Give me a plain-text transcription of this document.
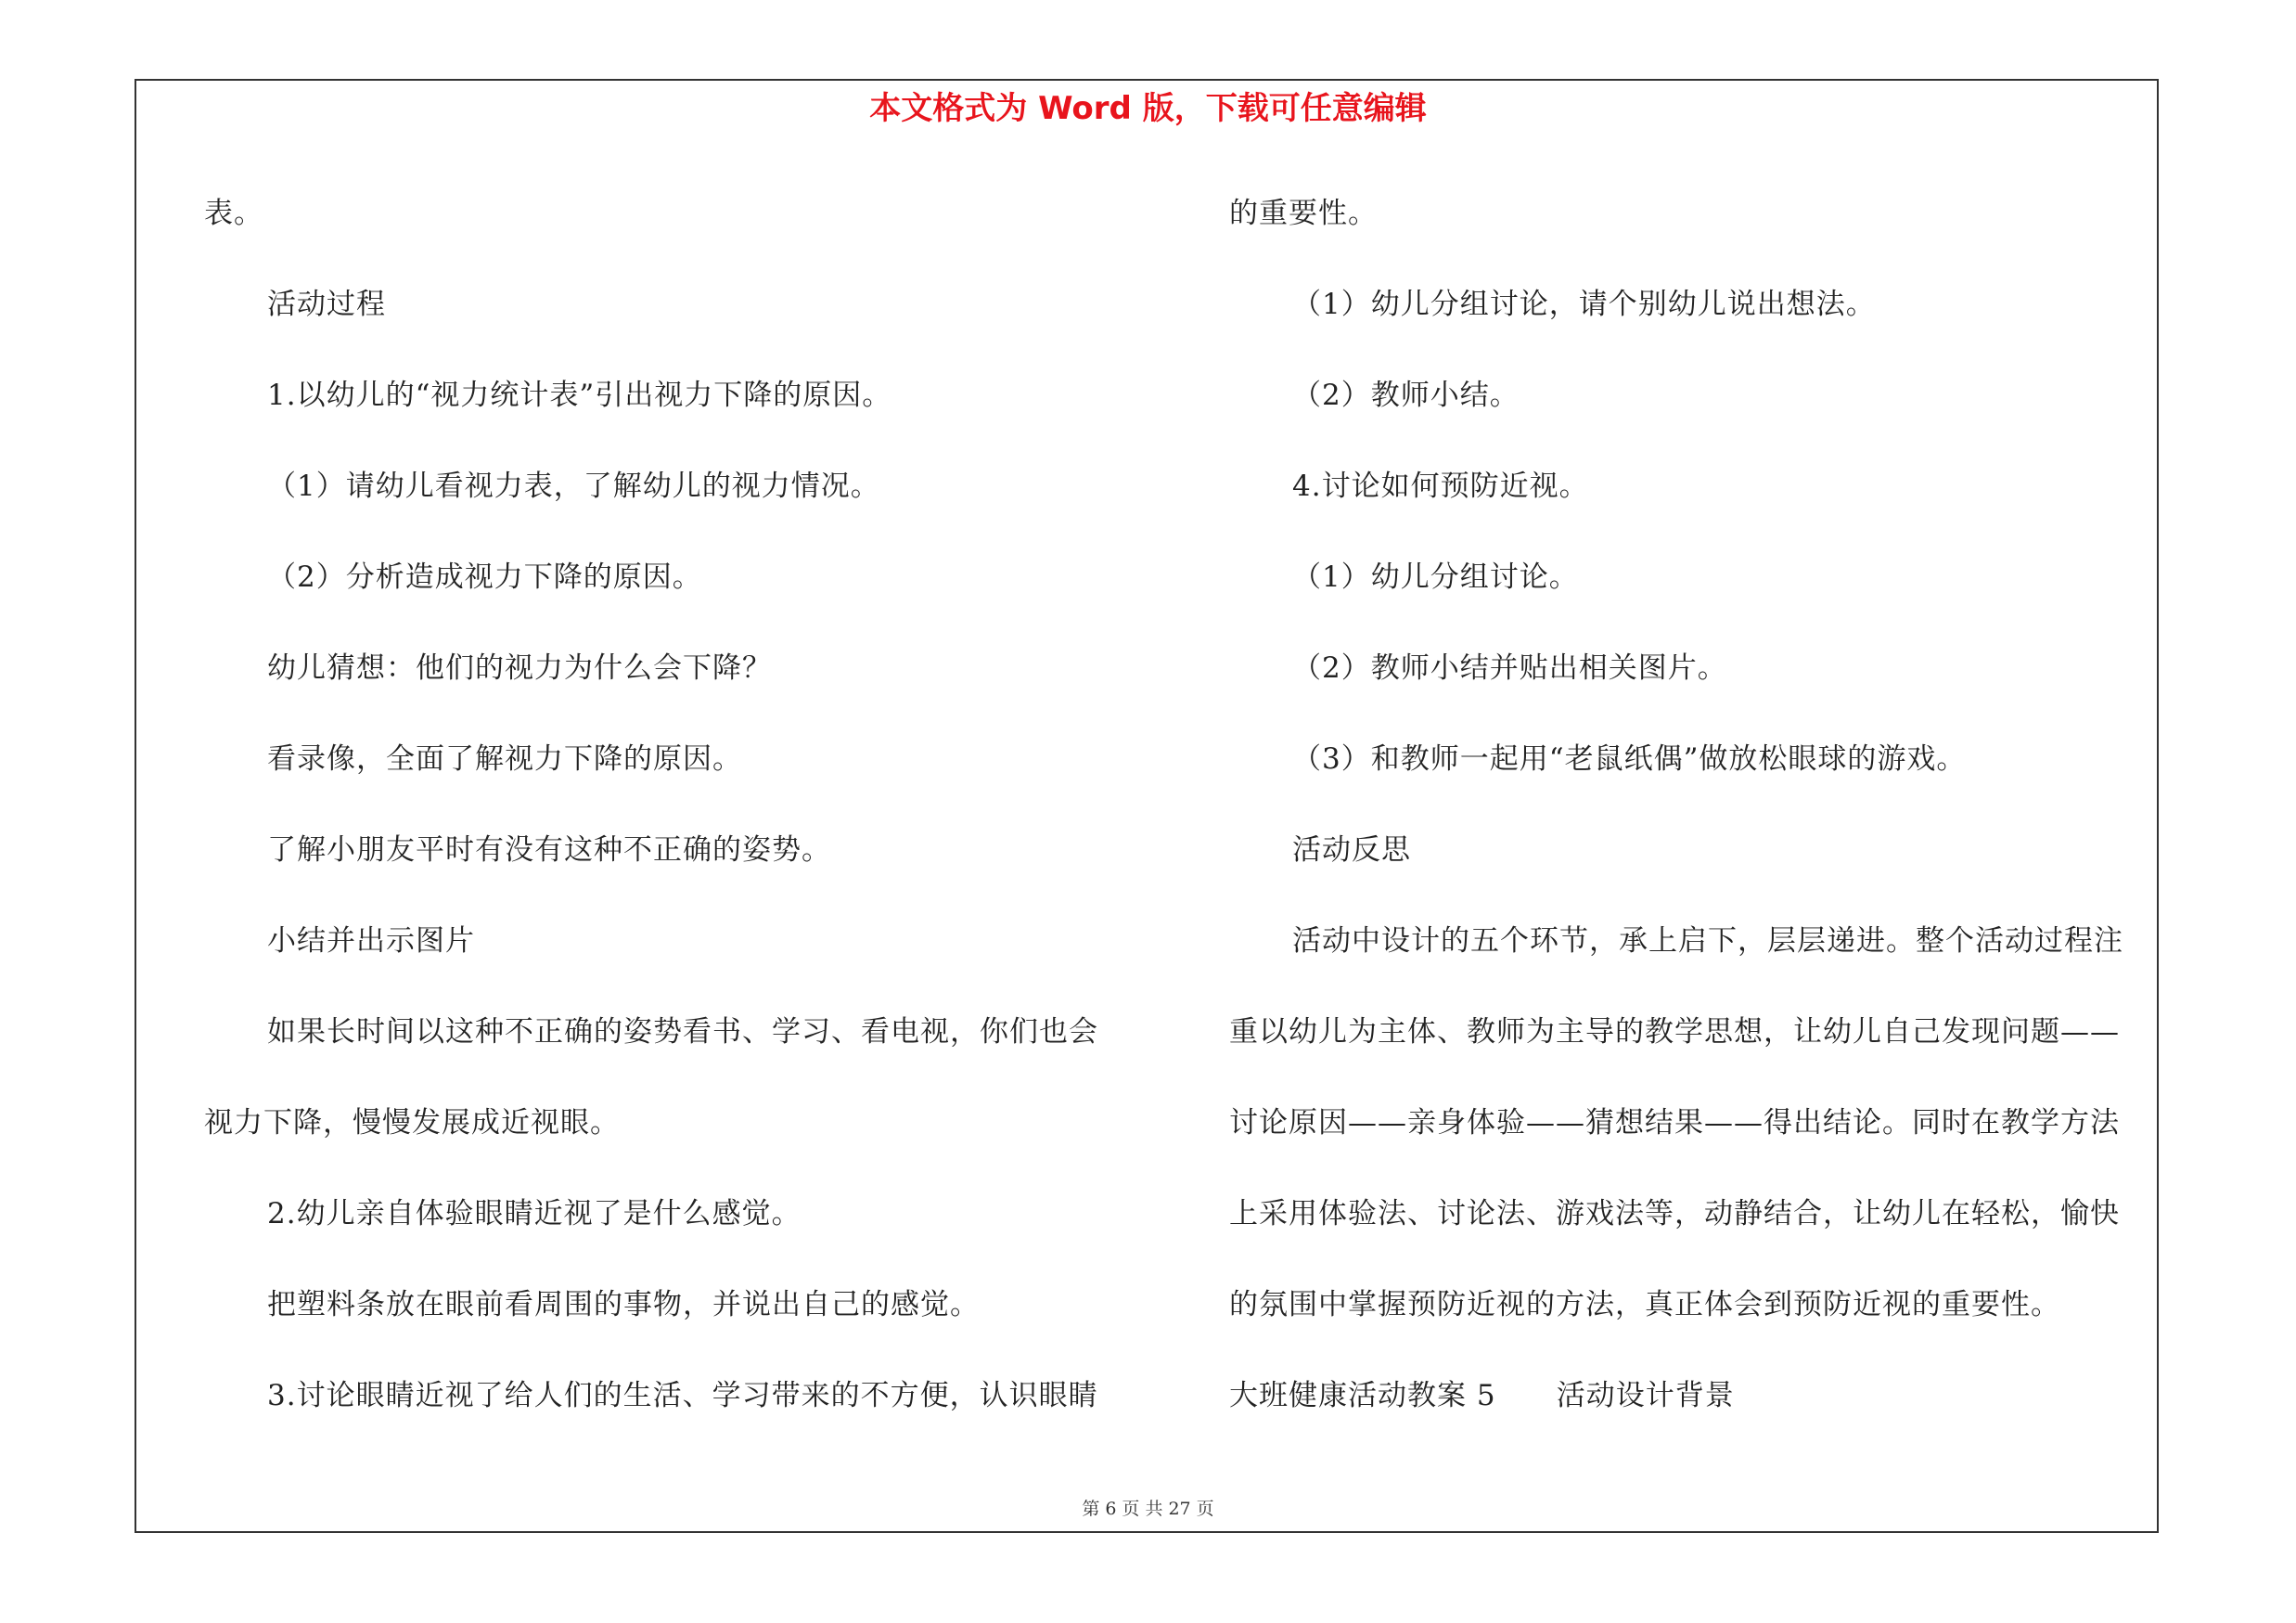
本文格式为 Word 版，下载可任意编辑
表。
活动过程
1.以幼儿的“视力统计表”引出视力下降的原因。
（1）请幼儿看视力表，了解幼儿的视力情况。
（2）分析造成视力下降的原因。
幼儿猜想：他们的视力为什么会下降？
看录像，全面了解视力下降的原因。
了解小朋友平时有没有这种不正确的姿势。
小结并出示图片
如果长时间以这种不正确的姿势看书、学习、看电视，你们也会
视力下降，慢慢发展成近视眼。
2.幼儿亲自体验眼睛近视了是什么感觉。
把塑料条放在眼前看周围的事物，并说出自己的感觉。
3.讨论眼睛近视了给人们的生活、学习带来的不方便，认识眼睛
的重要性。
（1）幼儿分组讨论，请个别幼儿说出想法。
（2）教师小结。
4.讨论如何预防近视。
（1）幼儿分组讨论。
（2）教师小结并贴出相关图片。
（3）和教师一起用“老鼠纸偶”做放松眼球的游戏。
活动反思
活动中设计的五个环节，承上启下，层层递进。整个活动过程注
重以幼儿为主体、教师为主导的教学思想，让幼儿自己发现问题——
讨论原因——亲身体验——猜想结果——得出结论。同时在教学方法
上采用体验法、讨论法、游戏法等，动静结合，让幼儿在轻松，愉快
的氛围中掌握预防近视的方法，真正体会到预防近视的重要性。
大班健康活动教案 5      活动设计背景
第 6 页 共 27 页
